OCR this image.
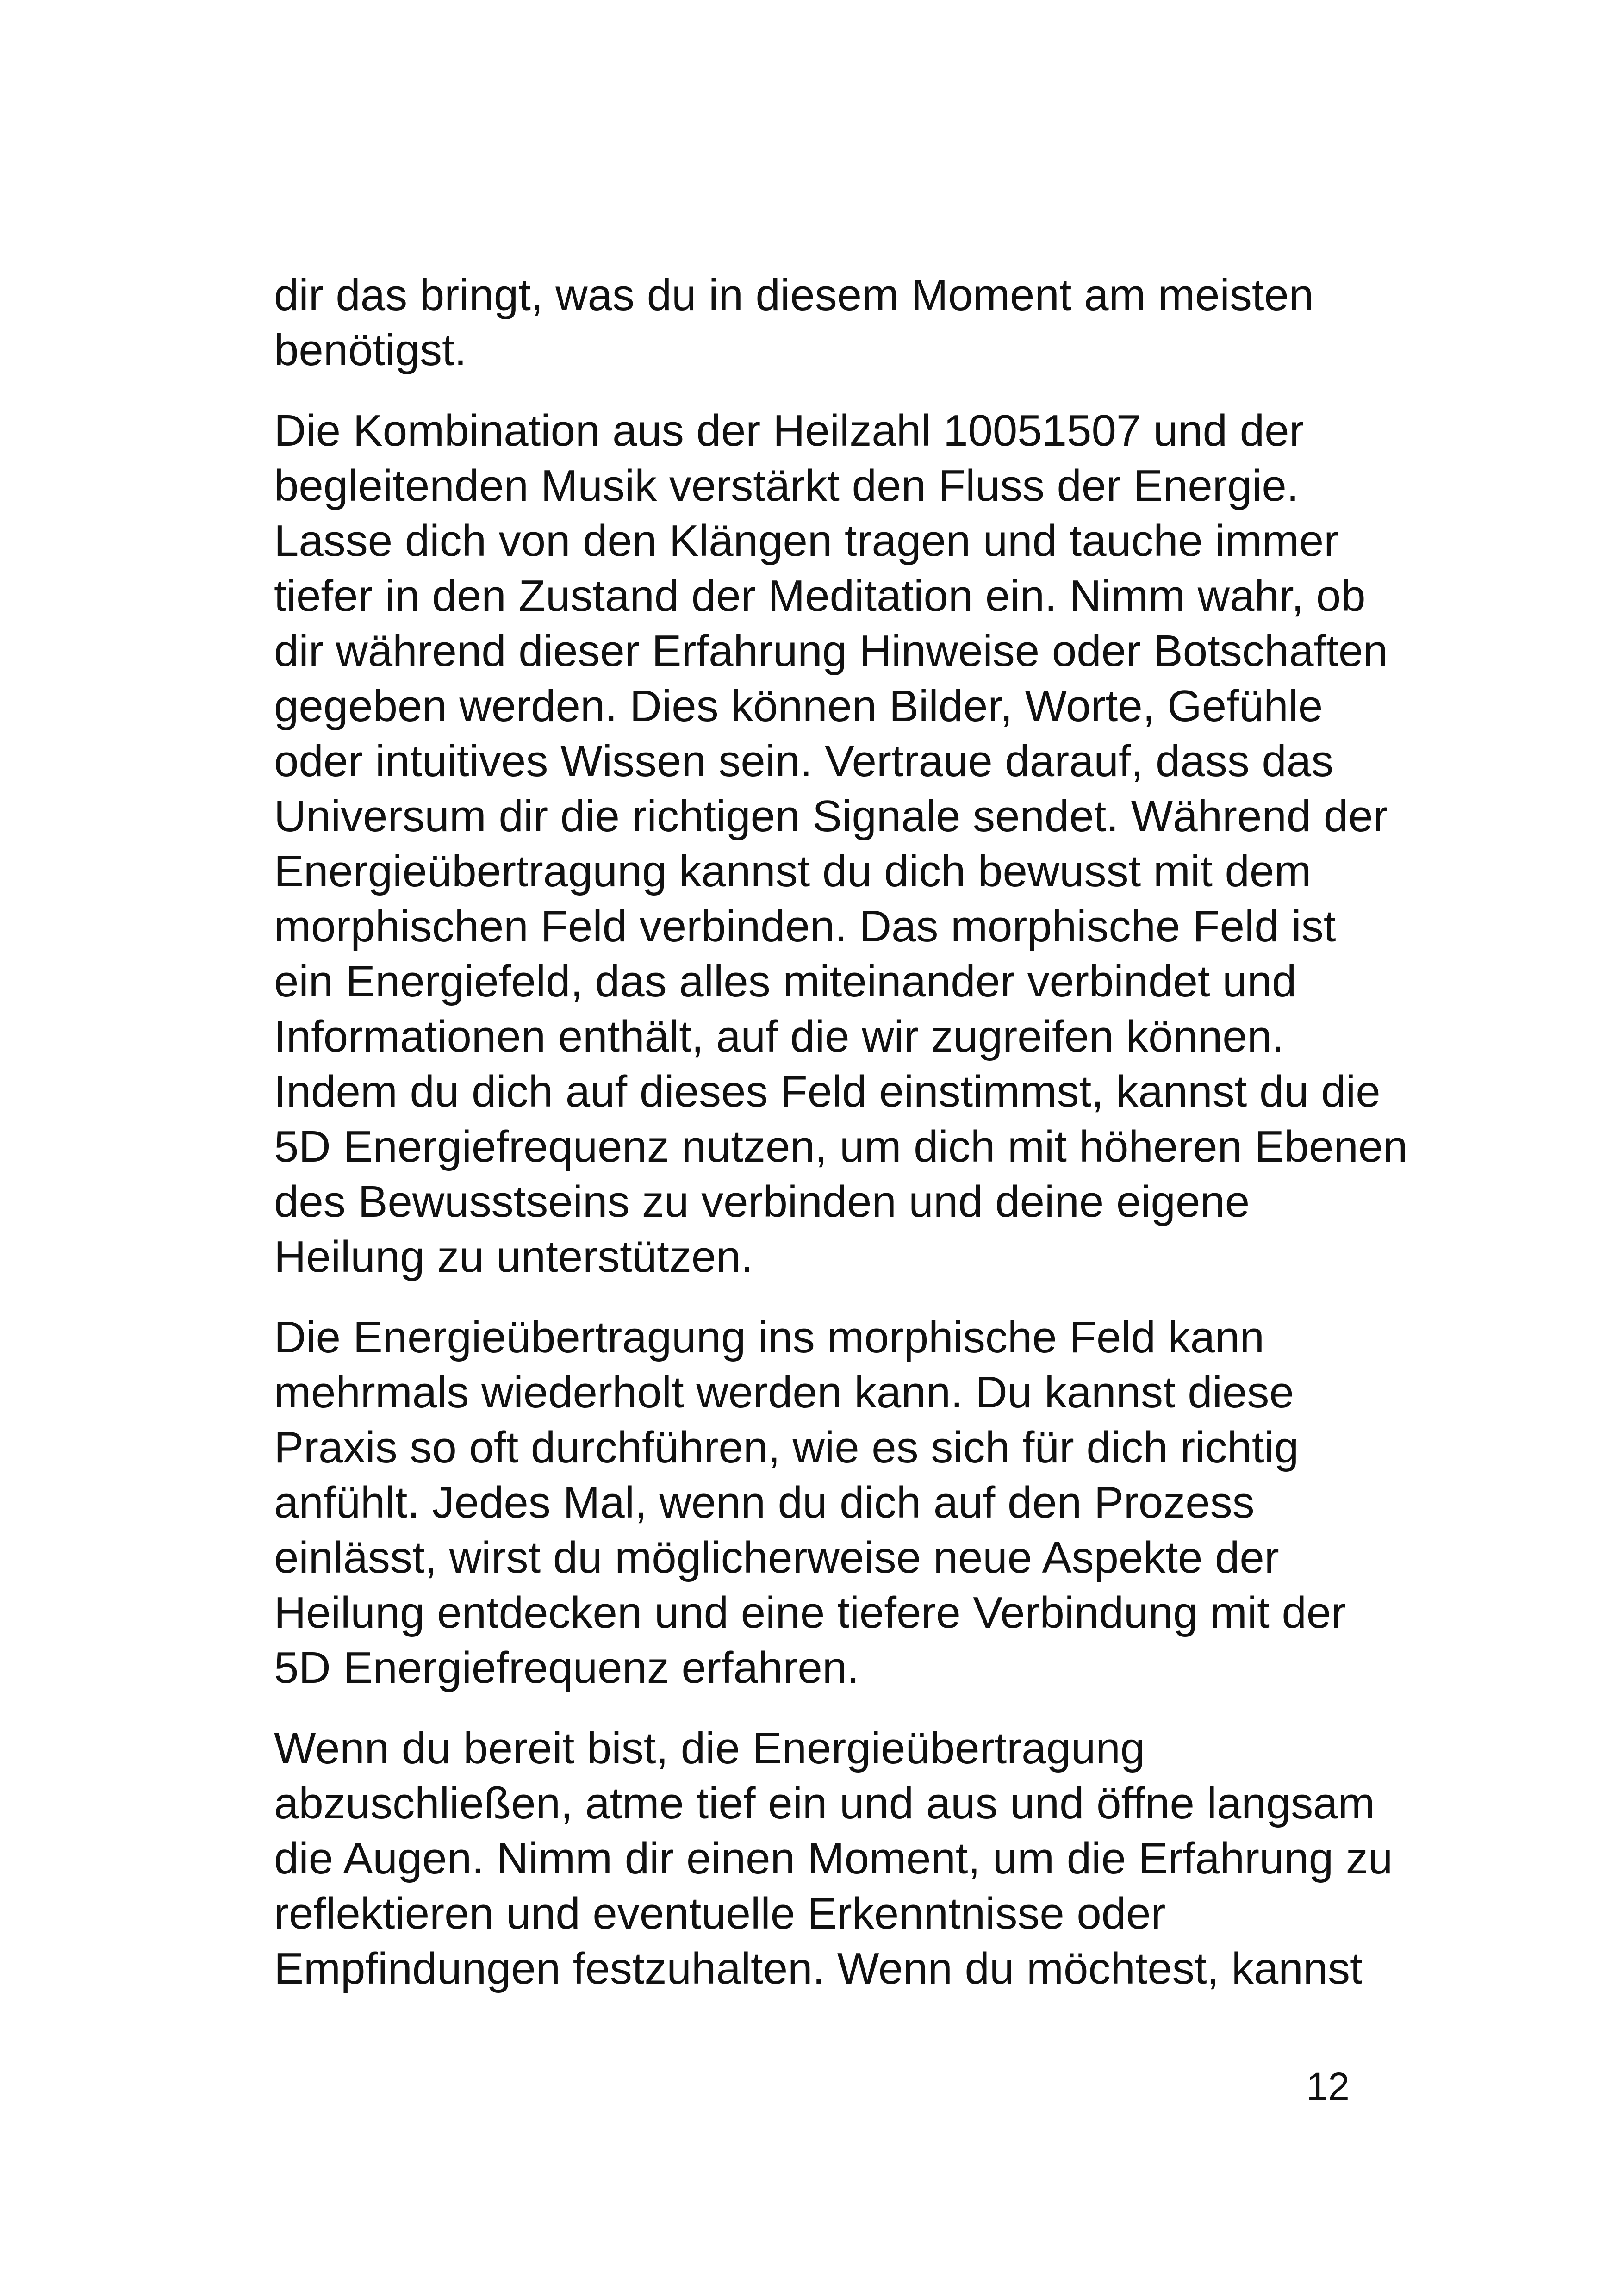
dir das bringt, was du in diesem Moment am meisten
benötigst.

Die Kombination aus der Heilzahl 10051507 und der
begleitenden Musik verstärkt den Fluss der Energie.
Lasse dich von den Klängen tragen und tauche immer
tiefer in den Zustand der Meditation ein. Nimm wahr, ob
dir während dieser Erfahrung Hinweise oder Botschaften
gegeben werden. Dies können Bilder, Worte, Gefühle
oder intuitives Wissen sein. Vertraue darauf, dass das
Universum dir die richtigen Signale sendet. Während der
Energieübertragung kannst du dich bewusst mit dem
morphischen Feld verbinden. Das morphische Feld ist
ein Energiefeld, das alles miteinander verbindet und
Informationen enthält, auf die wir zugreifen können.
Indem du dich auf dieses Feld einstimmst, kannst du die
5D Energiefrequenz nutzen, um dich mit höheren Ebenen
des Bewusstseins zu verbinden und deine eigene
Heilung zu unterstützen.

Die Energieübertragung ins morphische Feld kann
mehrmals wiederholt werden kann. Du kannst diese
Praxis so oft durchführen, wie es sich für dich richtig
anfühlt. Jedes Mal, wenn du dich auf den Prozess
einlässt, wirst du möglicherweise neue Aspekte der
Heilung entdecken und eine tiefere Verbindung mit der
5D Energiefrequenz erfahren.

Wenn du bereit bist, die Energieübertragung
abzuschließen, atme tief ein und aus und öffne langsam
die Augen. Nimm dir einen Moment, um die Erfahrung zu
reflektieren und eventuelle Erkenntnisse oder
Empfindungen festzuhalten. Wenn du möchtest, kannst

12
